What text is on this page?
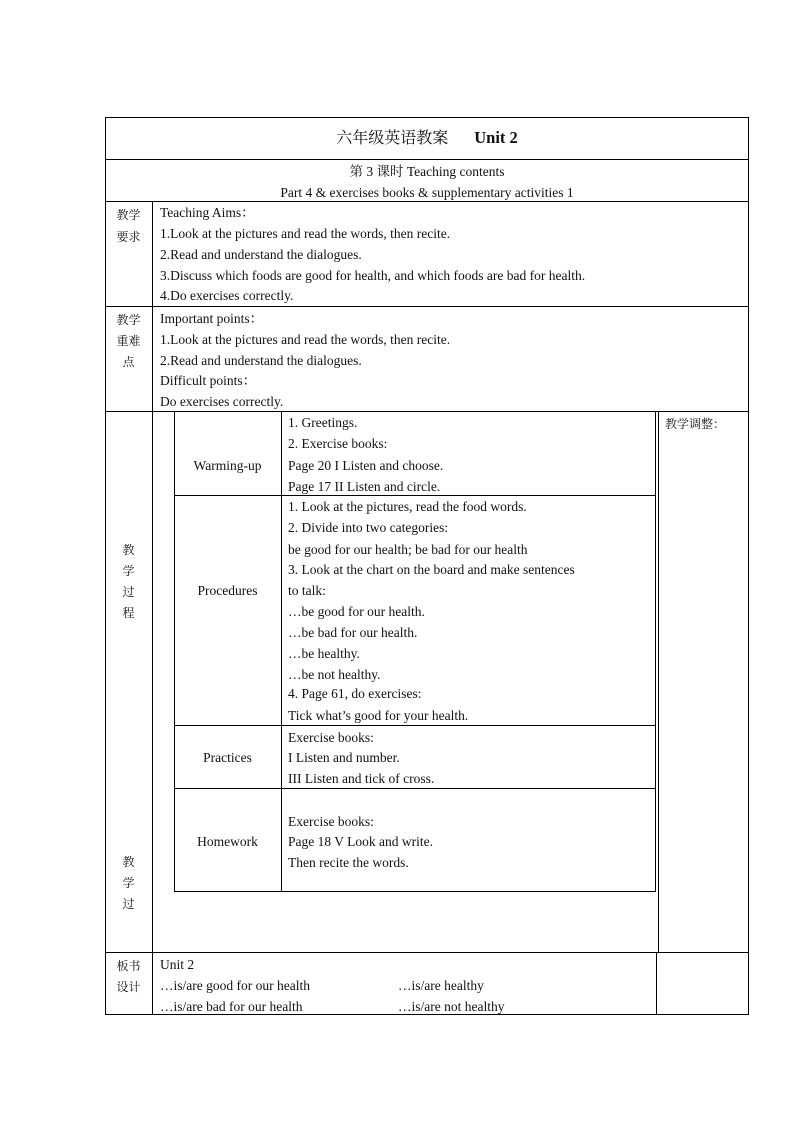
六年级英语教案 Unit 2
第 3 课时 Teaching contents
Part 4 & exercises books & supplementary activities 1
教学
要求
Teaching Aims：
1.Look at the pictures and read the words, then recite.
2.Read and understand the dialogues.
3.Discuss which foods are good for health, and which foods are bad for health.
4.Do exercises correctly.
教学
重难
点
Important points：
1.Look at the pictures and read the words, then recite.
2.Read and understand the dialogues.
Difficult points：
Do exercises correctly.
教
学
过
程
教
学
过
教学调整：
Warming-up
1. Greetings.
2. Exercise books:
Page 20 I Listen and choose.
Page 17 II Listen and circle.
Procedures
1. Look at the pictures, read the food words.
2. Divide into two categories:
be good for our health; be bad for our health
3. Look at the chart on the board and make sentences
to talk:
…be good for our health.
…be bad for our health.
…be healthy.
…be not healthy.
4. Page 61, do exercises:
Tick what’s good for your health.
Practices
Exercise books:
I Listen and number.
III Listen and tick of cross.
Homework
Exercise books:
Page 18 V Look and write.
Then recite the words.
板书
设计
Unit 2
…is/are good for our health	…is/are healthy
…is/are bad for our health	…is/are not healthy
